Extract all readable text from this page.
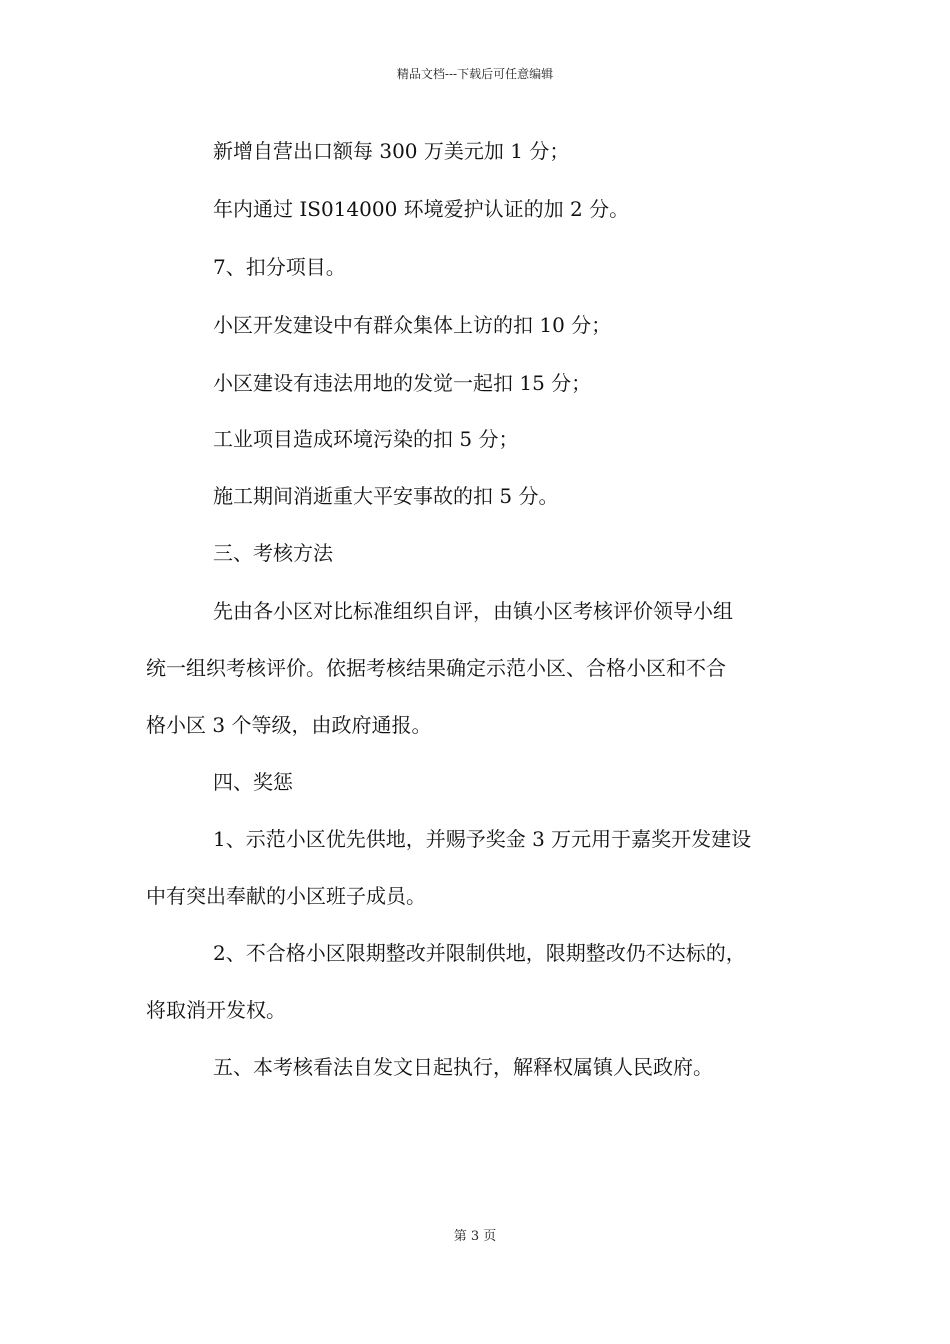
精品文档---下载后可任意编辑
新增自营出口额每 300 万美元加 1 分；
年内通过 IS014000 环境爱护认证的加 2 分。
7、扣分项目。
小区开发建设中有群众集体上访的扣 10 分；
小区建设有违法用地的发觉一起扣 15 分；
工业项目造成环境污染的扣 5 分；
施工期间消逝重大平安事故的扣 5 分。
三、考核方法
先由各小区对比标准组织自评，由镇小区考核评价领导小组
统一组织考核评价。依据考核结果确定示范小区、合格小区和不合
格小区 3 个等级，由政府通报。
四、奖惩
1、示范小区优先供地，并赐予奖金 3 万元用于嘉奖开发建设
中有突出奉献的小区班子成员。
2、不合格小区限期整改并限制供地，限期整改仍不达标的，
将取消开发权。
五、本考核看法自发文日起执行，解释权属镇人民政府。
第 3 页
